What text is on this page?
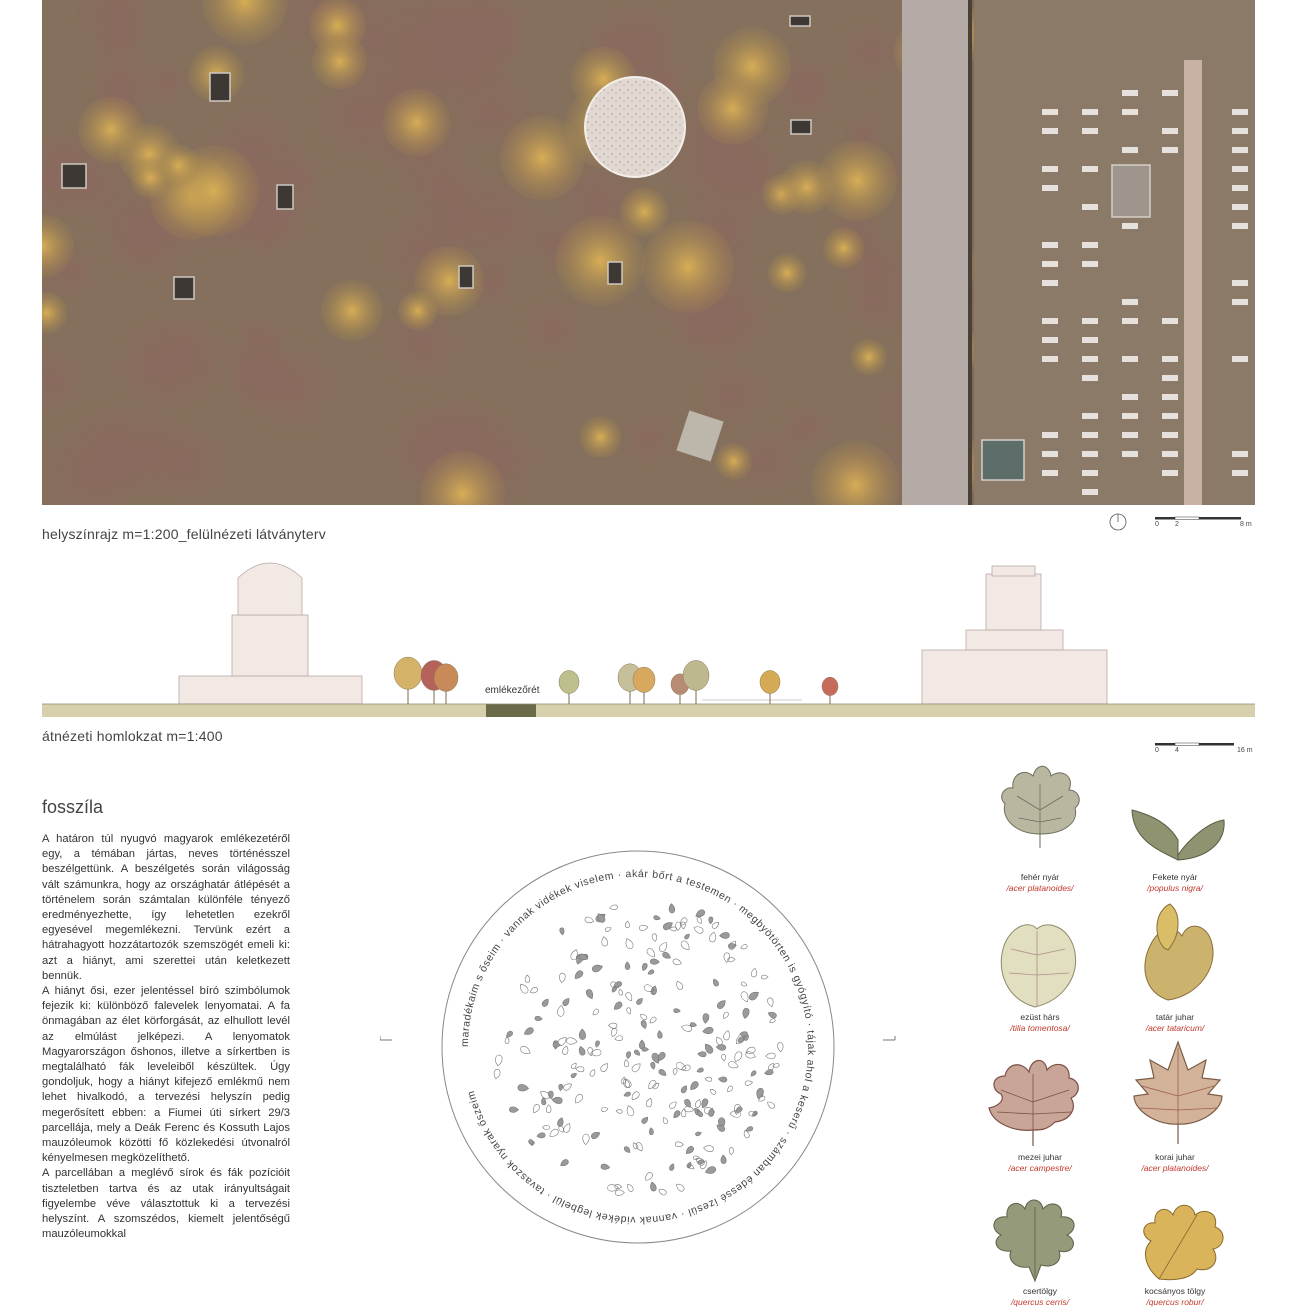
helyszínrajz m=1:200_felülnézeti látványterv
0 2	8 m
emlékezőrét
átnézeti homlokzat m=1:400
0 4	16 m
fosszíla

A határon túl nyugvó magyarok emlékezetéről egy, a témában jártas, neves történésszel beszélgettünk. A beszélgetés során világosság vált számunkra, hogy az országhatár átlépését a történelem során számtalan különféle tényező eredményezhette, így lehetetlen ezekről egyesével megemlékezni. Tervünk ezért a hátrahagyott hozzátartozók szemszögét emeli ki: azt a hiányt, ami szerettei után keletkezett bennük.

A hiányt ősi, ezer jelentéssel bíró szimbólumok fejezik ki: különböző falevelek lenyomatai. A fa önmagában az élet körforgását, az elhullott levél az elmúlást jelképezi. A lenyomatok Magyarországon őshonos, illetve a sírkertben is megtalálható fák leveleiből készültek. Úgy gondoljuk, hogy a hiányt kifejező emlékmű nem lehet hivalkodó, a tervezési helyszín pedig megerősített ebben: a Fiumei úti sírkert 29/3 parcellája, mely a Deák Ferenc és Kossuth Lajos mauzóleumok közötti fő közlekedési útvonalról kényelmesen megközelíthető.

A parcellában a meglévő sírok és fák pozícióit tiszteletben tartva és az utak irányultságait figyelembe véve választottuk ki a tervezési helyszínt. A szomszédos, kiemelt jelentőségű mauzóleumokkal

maradékaim s őseim · vannak vidékek viselem · akár bőrt a testemen · megbyötörten is gyógyító · tájak ahol a keserű · számban édessé ízesül · vannak vidékek legbelül · tavaszok nyarak őszeim
fehér nyár
/acer platanoides/
Fekete nyár
/populus nigra/
ezüst hárs
/tilia tomentosa/
tatár juhar
/acer tataricum/
mezei juhar
/acer campestre/
korai juhar
/acer platanoides/
csertölgy
/quercus cerris/
kocsányos tölgy
/quercus robur/
